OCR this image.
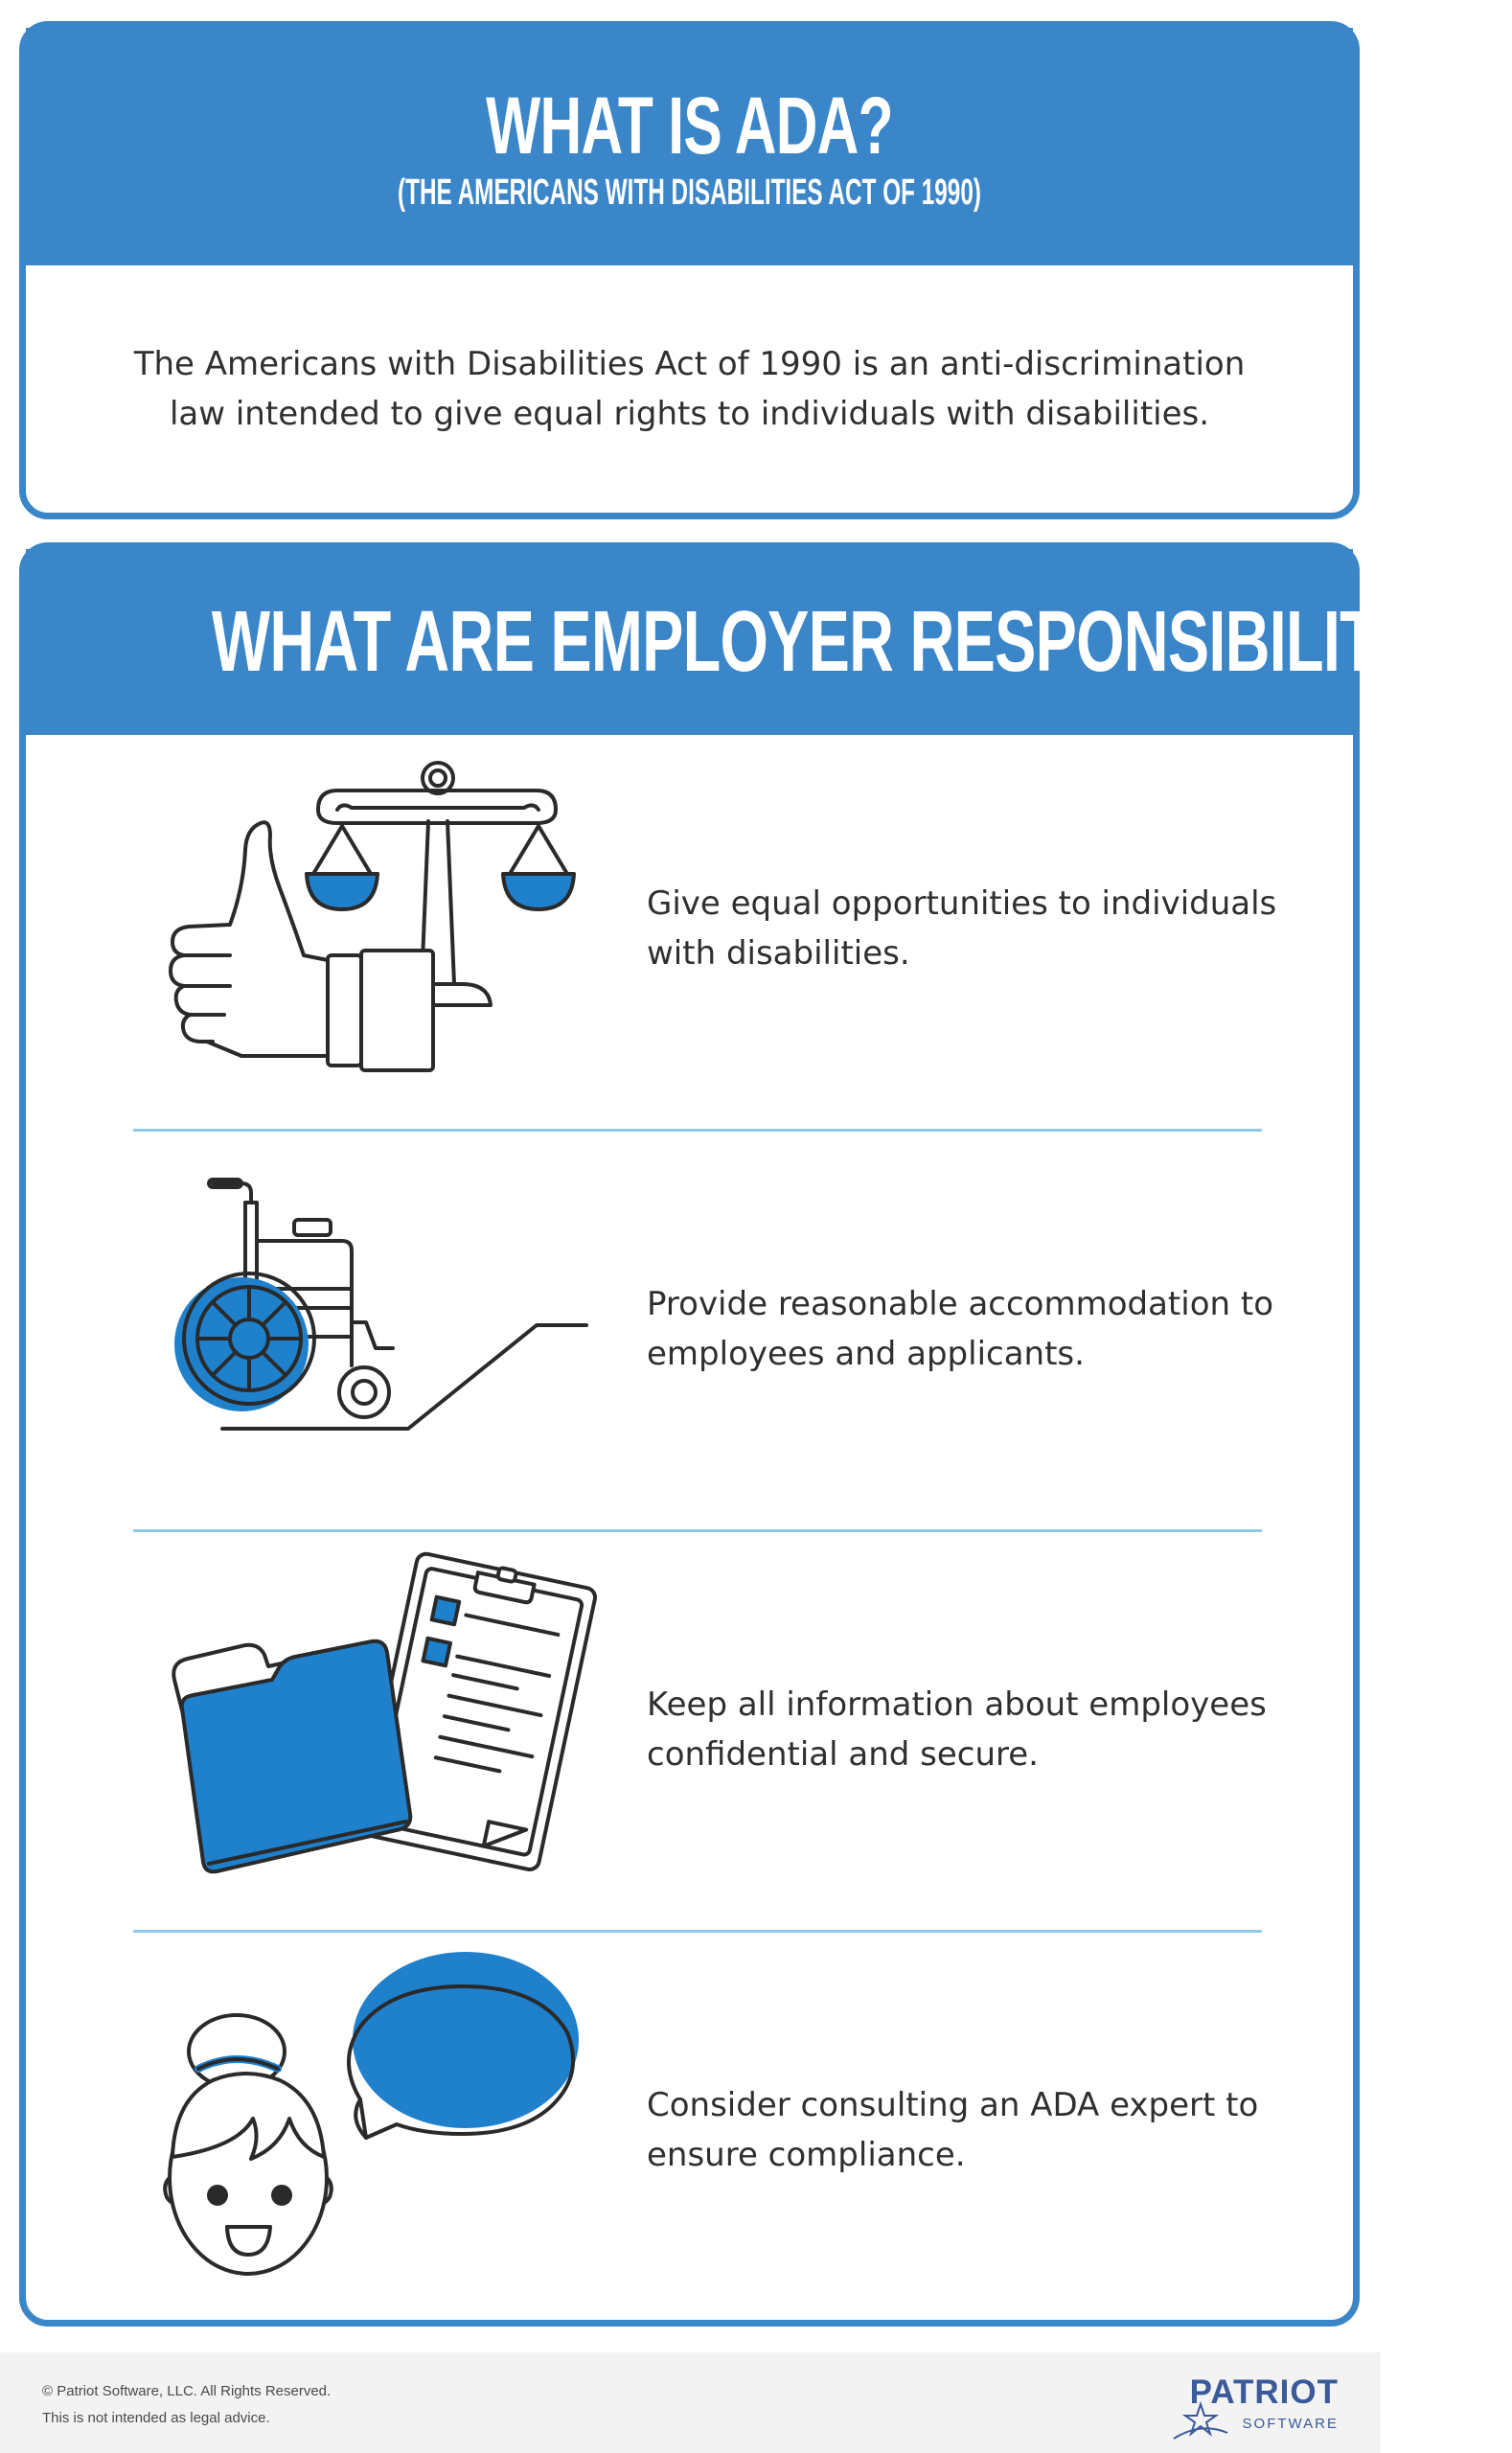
WHAT IS ADA?
(THE AMERICANS WITH DISABILITIES ACT OF 1990)
The Americans with Disabilities Act of 1990 is an anti-discrimination
law intended to give equal rights to individuals with disabilities.
WHAT ARE EMPLOYER RESPONSIBILITIES?
Give equal opportunities to individuals
with disabilities.
Provide reasonable accommodation to
employees and applicants.
Keep all information about employees
confidential and secure.
Consider consulting an ADA expert to
ensure compliance.
© Patriot Software, LLC. All Rights Reserved.
This is not intended as legal advice.
PATRIOT
SOFTWARE
